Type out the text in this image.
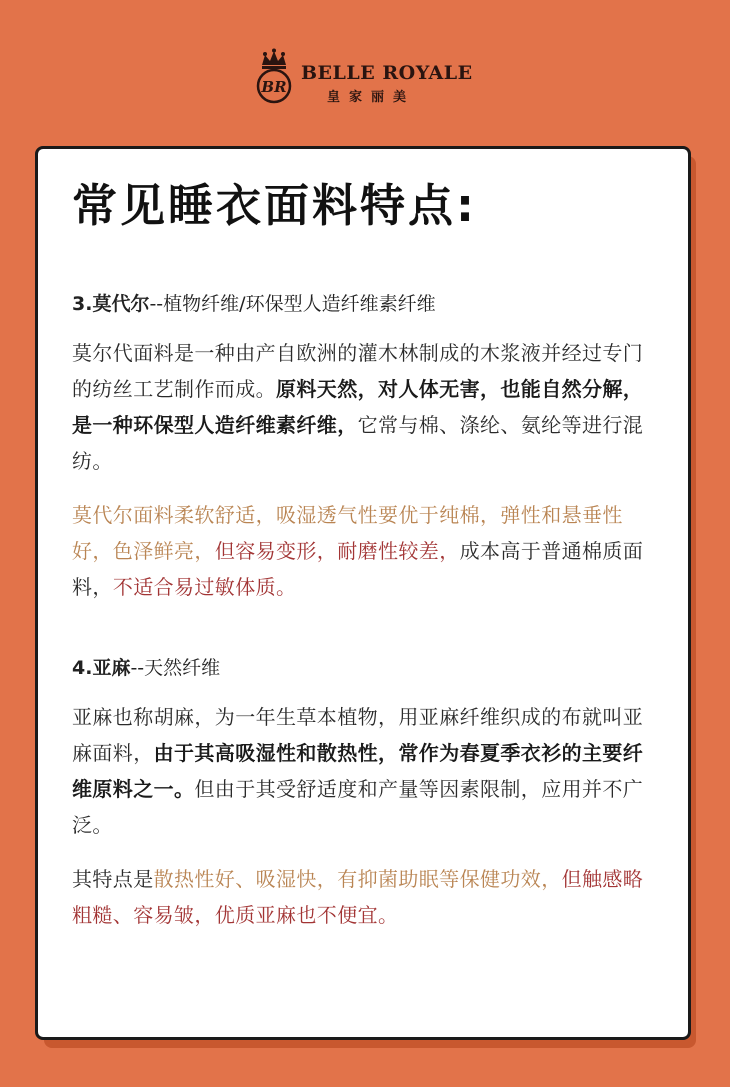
BR
BELLE ROYALE
皇家丽美
常见睡衣面料特点:
3.莫代尔--植物纤维/环保型人造纤维素纤维

莫尔代面料是一种由产自欧洲的灌木林制成的木浆液并经过专门的纺丝工艺制作而成。原料天然，对人体无害，也能自然分解，是一种环保型人造纤维素纤维，它常与棉、涤纶、氨纶等进行混纺。

莫代尔面料柔软舒适，吸湿透气性要优于纯棉，弹性和悬垂性好，色泽鲜亮，但容易变形，耐磨性较差，成本高于普通棉质面料，不适合易过敏体质。

4.亚麻--天然纤维

亚麻也称胡麻，为一年生草本植物，用亚麻纤维织成的布就叫亚麻面料，由于其高吸湿性和散热性，常作为春夏季衣衫的主要纤维原料之一。但由于其受舒适度和产量等因素限制，应用并不广泛。

其特点是散热性好、吸湿快，有抑菌助眠等保健功效，但触感略粗糙、容易皱，优质亚麻也不便宜。
